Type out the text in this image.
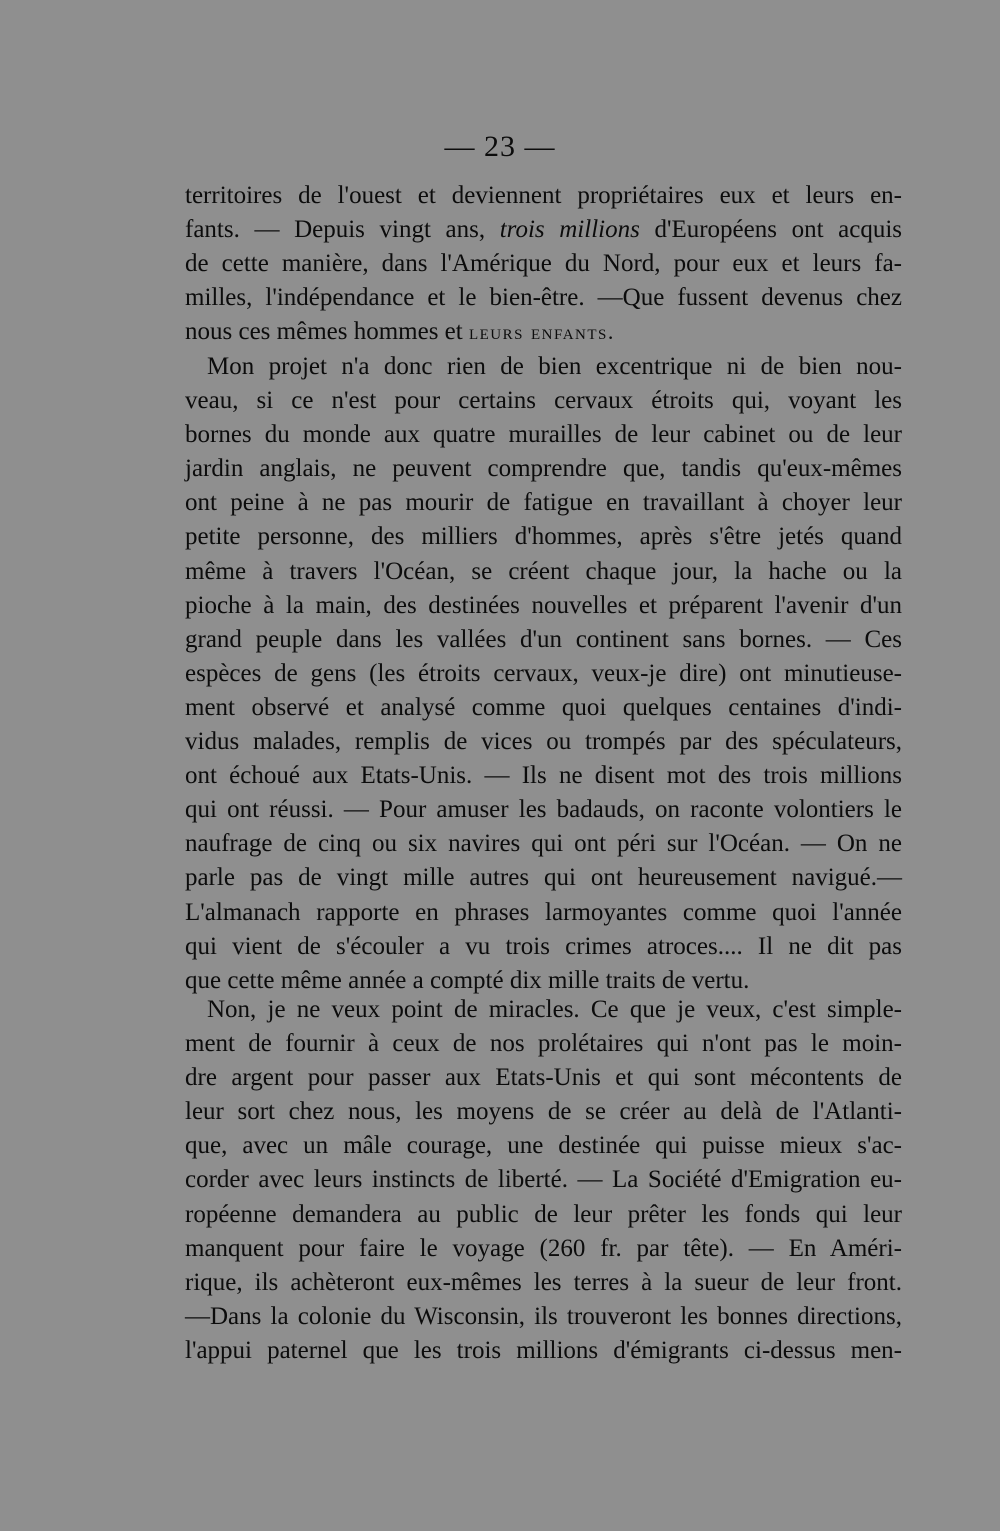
— 23 —
territoires de l'ouest et deviennent propriétaires eux et leurs en-
fants. — Depuis vingt ans, trois millions d'Européens ont acquis
de cette manière, dans l'Amérique du Nord, pour eux et leurs fa-
milles, l'indépendance et le bien-être. —Que fussent devenus chez
nous ces mêmes hommes et leurs enfants.
Mon projet n'a donc rien de bien excentrique ni de bien nou-
veau, si ce n'est pour certains cervaux étroits qui, voyant les
bornes du monde aux quatre murailles de leur cabinet ou de leur
jardin anglais, ne peuvent comprendre que, tandis qu'eux-mêmes
ont peine à ne pas mourir de fatigue en travaillant à choyer leur
petite personne, des milliers d'hommes, après s'être jetés quand
même à travers l'Océan, se créent chaque jour, la hache ou la
pioche à la main, des destinées nouvelles et préparent l'avenir d'un
grand peuple dans les vallées d'un continent sans bornes. — Ces
espèces de gens (les étroits cervaux, veux-je dire) ont minutieuse-
ment observé et analysé comme quoi quelques centaines d'indi-
vidus malades, remplis de vices ou trompés par des spéculateurs,
ont échoué aux Etats-Unis. — Ils ne disent mot des trois millions
qui ont réussi. — Pour amuser les badauds, on raconte volontiers le
naufrage de cinq ou six navires qui ont péri sur l'Océan. — On ne
parle pas de vingt mille autres qui ont heureusement navigué.—
L'almanach rapporte en phrases larmoyantes comme quoi l'année
qui vient de s'écouler a vu trois crimes atroces.... Il ne dit pas
que cette même année a compté dix mille traits de vertu.
Non, je ne veux point de miracles. Ce que je veux, c'est simple-
ment de fournir à ceux de nos prolétaires qui n'ont pas le moin-
dre argent pour passer aux Etats-Unis et qui sont mécontents de
leur sort chez nous, les moyens de se créer au delà de l'Atlanti-
que, avec un mâle courage, une destinée qui puisse mieux s'ac-
corder avec leurs instincts de liberté. — La Société d'Emigration eu-
ropéenne demandera au public de leur prêter les fonds qui leur
manquent pour faire le voyage (260 fr. par tête). — En Améri-
rique, ils achèteront eux-mêmes les terres à la sueur de leur front.
—Dans la colonie du Wisconsin, ils trouveront les bonnes directions,
l'appui paternel que les trois millions d'émigrants ci-dessus men-
